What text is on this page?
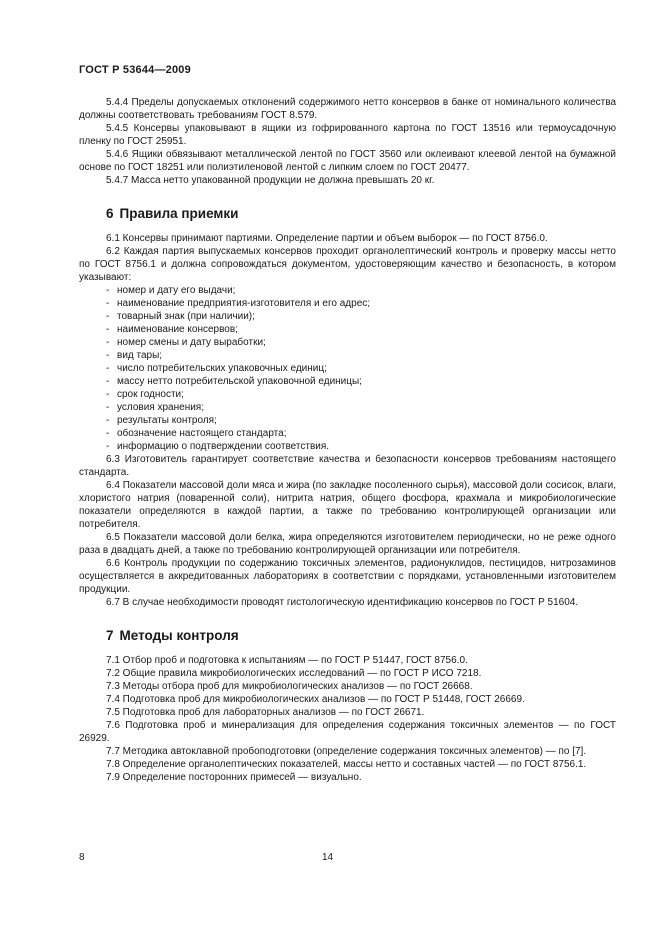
ГОСТ Р 53644—2009

5.4.4 Пределы допускаемых отклонений содержимого нетто консервов в банке от номинального количества должны соответствовать требованиям ГОСТ 8.579.

5.4.5 Консервы упаковывают в ящики из гофрированного картона по ГОСТ 13516 или термоусадочную пленку по ГОСТ 25951.

5.4.6 Ящики обвязывают металлической лентой по ГОСТ 3560 или оклеивают клеевой лентой на бумажной основе по ГОСТ 18251 или полиэтиленовой лентой с липким слоем по ГОСТ 20477.

5.4.7 Масса нетто упакованной продукции не должна превышать 20 кг.

6 Правила приемки

6.1 Консервы принимают партиями. Определение партии и объем выборок — по ГОСТ 8756.0.

6.2 Каждая партия выпускаемых консервов проходит органолептический контроль и проверку массы нетто по ГОСТ 8756.1 и должна сопровождаться документом, удостоверяющим качество и безопасность, в котором указывают:

- номер и дату его выдачи;
- наименование предприятия-изготовителя и его адрес;
- товарный знак (при наличии);
- наименование консервов;
- номер смены и дату выработки;
- вид тары;
- число потребительских упаковочных единиц;
- массу нетто потребительской упаковочной единицы;
- срок годности;
- условия хранения;
- результаты контроля;
- обозначение настоящего стандарта;
- информацию о подтверждении соответствия.

6.3 Изготовитель гарантирует соответствие качества и безопасности консервов требованиям настоящего стандарта.

6.4 Показатели массовой доли мяса и жира (по закладке посоленного сырья), массовой доли сосисок, влаги, хлористого натрия (поваренной соли), нитрита натрия, общего фосфора, крахмала и микробиологические показатели определяются в каждой партии, а также по требованию контролирующей организации или потребителя.

6.5 Показатели массовой доли белка, жира определяются изготовителем периодически, но не реже одного раза в двадцать дней, а также по требованию контролирующей организации или потребителя.

6.6 Контроль продукции по содержанию токсичных элементов, радионуклидов, пестицидов, нитрозаминов осуществляется в аккредитованных лабораториях в соответствии с порядками, установленными изготовителем продукции.

6.7 В случае необходимости проводят гистологическую идентификацию консервов по ГОСТ Р 51604.

7 Методы контроля

7.1 Отбор проб и подготовка к испытаниям — по ГОСТ Р 51447, ГОСТ 8756.0.

7.2 Общие правила микробиологических исследований — по ГОСТ Р ИСО 7218.

7.3 Методы отбора проб для микробиологических анализов — по ГОСТ 26668.

7.4 Подготовка проб для микробиологических анализов — по ГОСТ Р 51448, ГОСТ 26669.

7.5 Подготовка проб для лабораторных анализов — по ГОСТ 26671.

7.6 Подготовка проб и минерализация для определения содержания токсичных элементов — по ГОСТ 26929.

7.7 Методика автоклавной пробоподготовки (определение содержания токсичных элементов) — по [7].

7.8 Определение органолептических показателей, массы нетто и составных частей — по ГОСТ 8756.1.

7.9 Определение посторонних примесей — визуально.

8	14
